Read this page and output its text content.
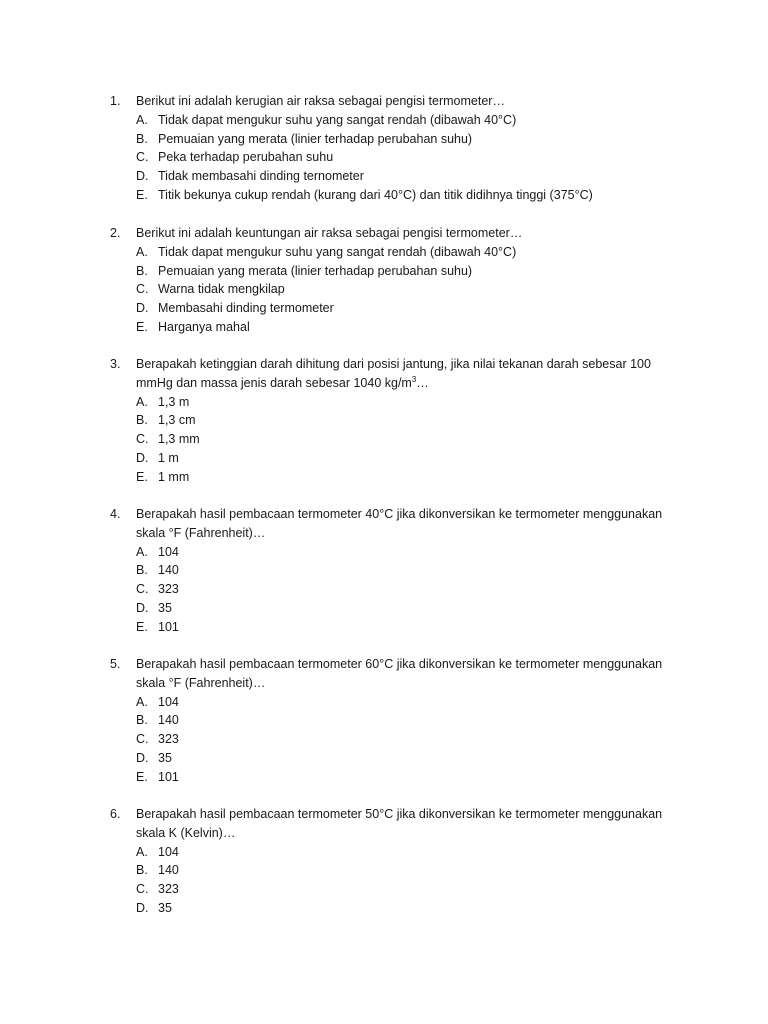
1.	Berikut ini adalah kerugian air raksa sebagai pengisi termometer…
A. Tidak dapat mengukur suhu yang sangat rendah (dibawah 40°C)
B. Pemuaian yang merata (linier terhadap perubahan suhu)
C. Peka terhadap perubahan suhu
D. Tidak membasahi dinding ternometer
E. Titik bekunya cukup rendah (kurang dari 40°C) dan titik didihnya tinggi (375°C)
2.	Berikut ini adalah keuntungan air raksa sebagai pengisi termometer…
A. Tidak dapat mengukur suhu yang sangat rendah (dibawah 40°C)
B. Pemuaian yang merata (linier terhadap perubahan suhu)
C. Warna tidak mengkilap
D. Membasahi dinding termometer
E. Harganya mahal
3.	Berapakah ketinggian darah dihitung dari posisi jantung, jika nilai tekanan darah sebesar 100 mmHg dan massa jenis darah sebesar 1040 $kg/m^3\dots$
A. 1,3 m
B. 1,3 cm
C. 1,3 mm
D. 1 m
E. 1 mm
4.	Berapakah hasil pembacaan termometer 40°C jika dikonversikan ke termometer menggunakan skala °F (Fahrenheit)…
A. 104
B. 140
C. 323
D. 35
E. 101
5.	Berapakah hasil pembacaan termometer 60°C jika dikonversikan ke termometer menggunakan skala °F (Fahrenheit)…
A. 104
B. 140
C. 323
D. 35
E. 101
6.	Berapakah hasil pembacaan termometer 50°C jika dikonversikan ke termometer menggunakan skala K (Kelvin)…
A. 104
B. 140
C. 323
D. 35
